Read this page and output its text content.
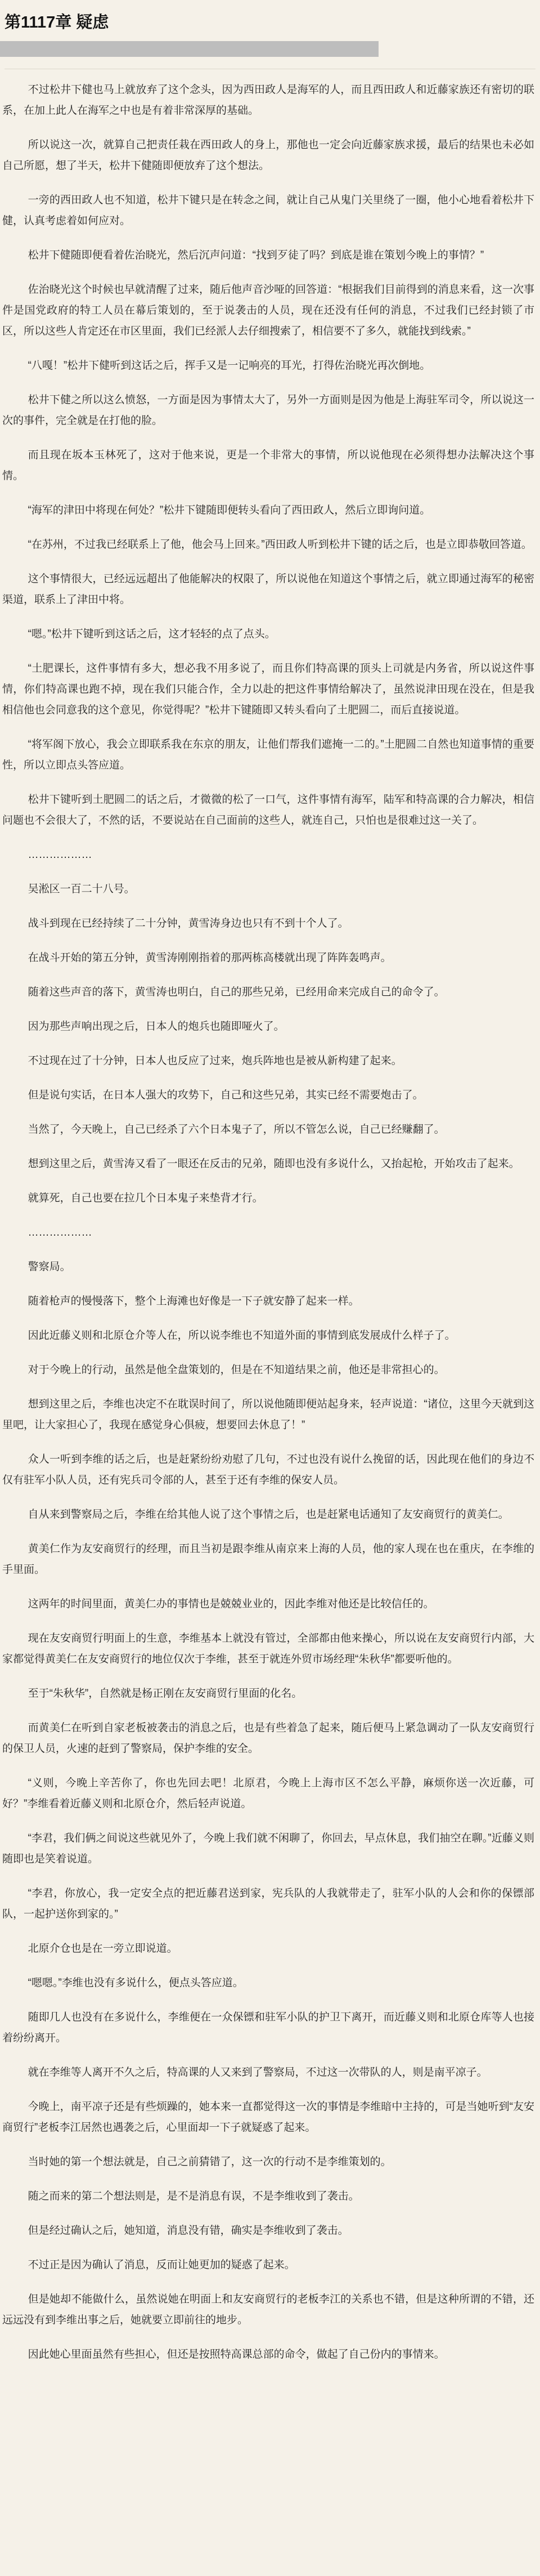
第1117章 疑虑

不过松井下健也马上就放弃了这个念头，因为西田政人是海军的人，而且西田政人和近藤家族还有密切的联系，在加上此人在海军之中也是有着非常深厚的基础。

所以说这一次，就算自己把责任栽在西田政人的身上，那他也一定会向近藤家族求援，最后的结果也未必如自己所愿，想了半天，松井下健随即便放弃了这个想法。

一旁的西田政人也不知道，松井下键只是在转念之间，就让自己从鬼门关里绕了一圈，他小心地看着松井下健，认真考虑着如何应对。

松井下健随即便看着佐治晓光，然后沉声问道：“找到歹徒了吗？到底是谁在策划今晚上的事情？”

佐治晓光这个时候也早就清醒了过来，随后他声音沙哑的回答道：“根据我们目前得到的消息来看，这一次事件是国党政府的特工人员在幕后策划的，至于说袭击的人员，现在还没有任何的消息，不过我们已经封锁了市区，所以这些人肯定还在市区里面，我们已经派人去仔细搜索了，相信要不了多久，就能找到线索。”

“八嘎！”松井下健听到这话之后，挥手又是一记响亮的耳光，打得佐治晓光再次倒地。

松井下健之所以这么愤怒，一方面是因为事情太大了，另外一方面则是因为他是上海驻军司令，所以说这一次的事件，完全就是在打他的脸。

而且现在坂本玉林死了，这对于他来说，更是一个非常大的事情，所以说他现在必须得想办法解决这个事情。

“海军的津田中将现在何处？”松井下键随即便转头看向了西田政人，然后立即询问道。

“在苏州，不过我已经联系上了他，他会马上回来。”西田政人听到松井下键的话之后，也是立即恭敬回答道。

这个事情很大，已经远远超出了他能解决的权限了，所以说他在知道这个事情之后，就立即通过海军的秘密渠道，联系上了津田中将。

“嗯。”松井下键听到这话之后，这才轻轻的点了点头。

“土肥课长，这件事情有多大，想必我不用多说了，而且你们特高课的顶头上司就是内务省，所以说这件事情，你们特高课也跑不掉，现在我们只能合作，全力以赴的把这件事情给解决了，虽然说津田现在没在，但是我相信他也会同意我的这个意见，你觉得呢？”松井下键随即又转头看向了土肥圆二，而后直接说道。

“将军阁下放心，我会立即联系我在东京的朋友，让他们帮我们遮掩一二的。”土肥圆二自然也知道事情的重要性，所以立即点头答应道。

松井下键听到土肥圆二的话之后，才微微的松了一口气，这件事情有海军，陆军和特高课的合力解决，相信问题也不会很大了，不然的话，不要说站在自己面前的这些人，就连自己，只怕也是很难过这一关了。

………………

吴淞区一百二十八号。

战斗到现在已经持续了二十分钟，黄雪涛身边也只有不到十个人了。

在战斗开始的第五分钟，黄雪涛刚刚指着的那两栋高楼就出现了阵阵轰鸣声。

随着这些声音的落下，黄雪涛也明白，自己的那些兄弟，已经用命来完成自己的命令了。

因为那些声响出现之后，日本人的炮兵也随即哑火了。

不过现在过了十分钟，日本人也反应了过来，炮兵阵地也是被从新构建了起来。

但是说句实话，在日本人强大的攻势下，自己和这些兄弟，其实已经不需要炮击了。

当然了，今天晚上，自己已经杀了六个日本鬼子了，所以不管怎么说，自己已经赚翻了。

想到这里之后，黄雪涛又看了一眼还在反击的兄弟，随即也没有多说什么，又抬起枪，开始攻击了起来。

就算死，自己也要在拉几个日本鬼子来垫背才行。

………………

警察局。

随着枪声的慢慢落下，整个上海滩也好像是一下子就安静了起来一样。

因此近藤义则和北原仓介等人在，所以说李维也不知道外面的事情到底发展成什么样子了。

对于今晚上的行动，虽然是他全盘策划的，但是在不知道结果之前，他还是非常担心的。

想到这里之后，李维也决定不在耽误时间了，所以说他随即便站起身来，轻声说道：“诸位，这里今天就到这里吧，让大家担心了，我现在感觉身心俱疲，想要回去休息了！”

众人一听到李维的话之后，也是赶紧纷纷劝慰了几句，不过也没有说什么挽留的话，因此现在他们的身边不仅有驻军小队人员，还有宪兵司令部的人，甚至于还有李维的保安人员。

自从来到警察局之后，李维在给其他人说了这个事情之后，也是赶紧电话通知了友安商贸行的黄美仁。

黄美仁作为友安商贸行的经理，而且当初是跟李维从南京来上海的人员，他的家人现在也在重庆，在李维的手里面。

这两年的时间里面，黄美仁办的事情也是兢兢业业的，因此李维对他还是比较信任的。

现在友安商贸行明面上的生意，李维基本上就没有管过，全部都由他来操心，所以说在友安商贸行内部，大家都觉得黄美仁在友安商贸行的地位仅次于李维，甚至于就连外贸市场经理“朱秋华”都要听他的。

至于“朱秋华”，自然就是杨正刚在友安商贸行里面的化名。

而黄美仁在听到自家老板被袭击的消息之后，也是有些着急了起来，随后便马上紧急调动了一队友安商贸行的保卫人员，火速的赶到了警察局，保护李维的安全。

“义则，今晚上辛苦你了，你也先回去吧！北原君，今晚上上海市区不怎么平静，麻烦你送一次近藤，可好？”李维看着近藤义则和北原仓介，然后轻声说道。

“李君，我们俩之间说这些就见外了，今晚上我们就不闲聊了，你回去，早点休息，我们抽空在聊。”近藤义则随即也是笑着说道。

“李君，你放心，我一定安全点的把近藤君送到家，宪兵队的人我就带走了，驻军小队的人会和你的保镖部队，一起护送你到家的。”

北原介仓也是在一旁立即说道。

“嗯嗯。”李维也没有多说什么，便点头答应道。

随即几人也没有在多说什么，李维便在一众保镖和驻军小队的护卫下离开，而近藤义则和北原仓库等人也接着纷纷离开。

就在李维等人离开不久之后，特高课的人又来到了警察局，不过这一次带队的人，则是南平凉子。

今晚上，南平凉子还是有些烦躁的，她本来一直都觉得这一次的事情是李维暗中主持的，可是当她听到“友安商贸行”老板李江居然也遇袭之后，心里面却一下子就疑惑了起来。

当时她的第一个想法就是，自己之前猜错了，这一次的行动不是李维策划的。

随之而来的第二个想法则是，是不是消息有误，不是李维收到了袭击。

但是经过确认之后，她知道，消息没有错，确实是李维收到了袭击。

不过正是因为确认了消息，反而让她更加的疑惑了起来。

但是她却不能做什么，虽然说她在明面上和友安商贸行的老板李江的关系也不错，但是这种所谓的不错，还远远没有到李维出事之后，她就要立即前往的地步。

因此她心里面虽然有些担心，但还是按照特高课总部的命令，做起了自己份内的事情来。
